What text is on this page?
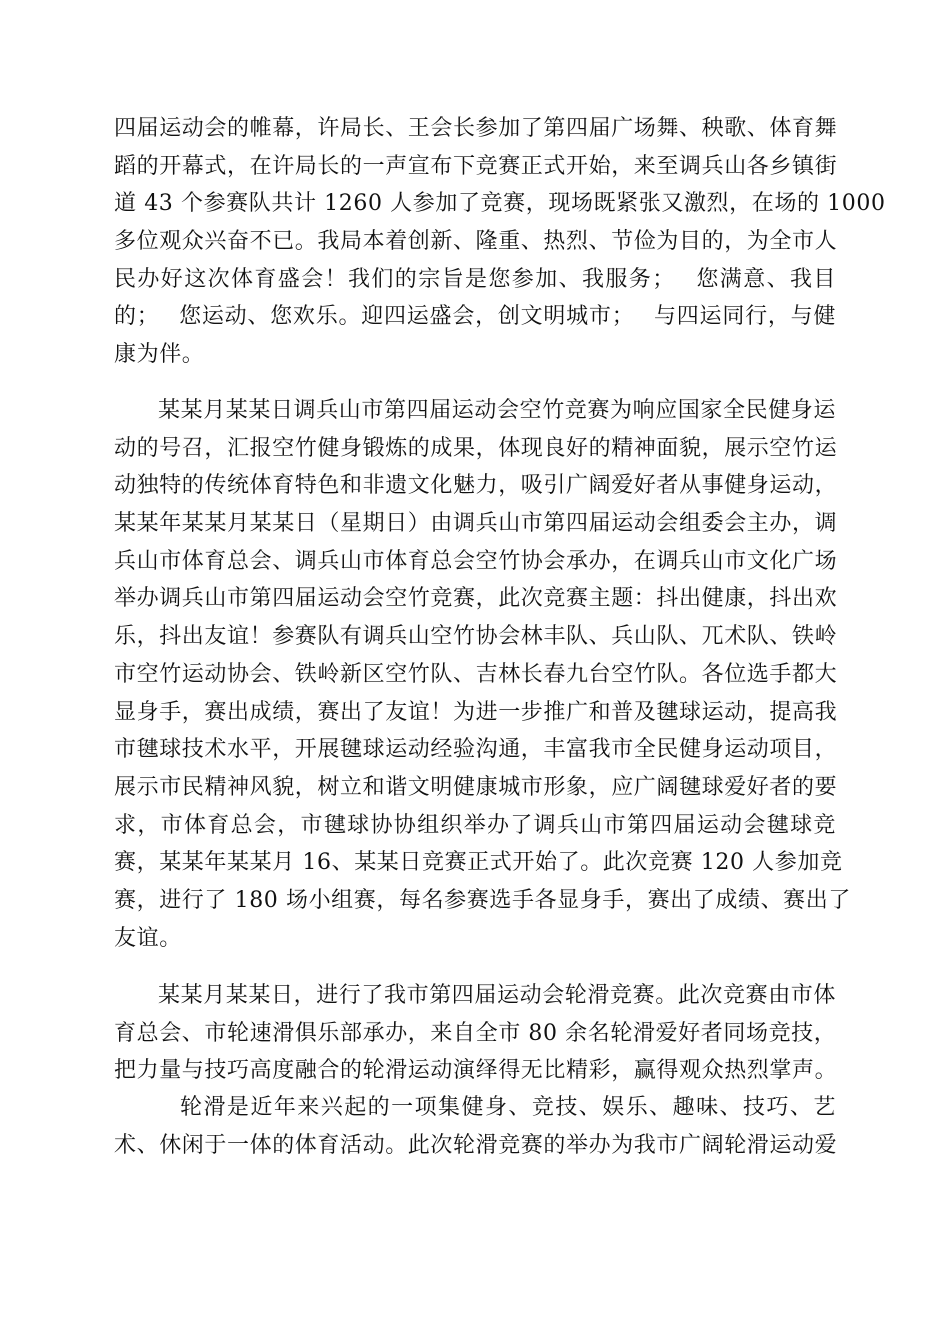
四届运动会的帷幕，许局长、王会长参加了第四届广场舞、秧歌、体育舞
蹈的开幕式，在许局长的一声宣布下竞赛正式开始，来至调兵山各乡镇街
道 43 个参赛队共计 1260 人参加了竞赛，现场既紧张又激烈，在场的 1000
多位观众兴奋不已。我局本着创新、隆重、热烈、节俭为目的，为全市人
民办好这次体育盛会！我们的宗旨是您参加、我服务；　 您满意、我目
的；　 您运动、您欢乐。迎四运盛会，创文明城市；　 与四运同行，与健
康为伴。
某某月某某日调兵山市第四届运动会空竹竞赛为响应国家全民健身运
动的号召，汇报空竹健身锻炼的成果，体现良好的精神面貌，展示空竹运
动独特的传统体育特色和非遗文化魅力，吸引广阔爱好者从事健身运动，
某某年某某月某某日（星期日）由调兵山市第四届运动会组委会主办，调
兵山市体育总会、调兵山市体育总会空竹协会承办，在调兵山市文化广场
举办调兵山市第四届运动会空竹竞赛，此次竞赛主题：抖出健康，抖出欢
乐，抖出友谊！参赛队有调兵山空竹协会林丰队、兵山队、兀术队、铁岭
市空竹运动协会、铁岭新区空竹队、吉林长春九台空竹队。各位选手都大
显身手，赛出成绩，赛出了友谊！为进一步推广和普及毽球运动，提高我
市毽球技术水平，开展毽球运动经验沟通，丰富我市全民健身运动项目，
展示市民精神风貌，树立和谐文明健康城市形象，应广阔毽球爱好者的要
求，市体育总会，市毽球协协组织举办了调兵山市第四届运动会毽球竞
赛，某某年某某月 16、某某日竞赛正式开始了。此次竞赛 120 人参加竞
赛，进行了 180 场小组赛，每名参赛选手各显身手，赛出了成绩、赛出了
友谊。
某某月某某日，进行了我市第四届运动会轮滑竞赛。此次竞赛由市体
育总会、市轮速滑俱乐部承办，来自全市 80 余名轮滑爱好者同场竞技，
把力量与技巧高度融合的轮滑运动演绎得无比精彩，赢得观众热烈掌声。
轮滑是近年来兴起的一项集健身、竞技、娱乐、趣味、技巧、艺
术、休闲于一体的体育活动。此次轮滑竞赛的举办为我市广阔轮滑运动爱
